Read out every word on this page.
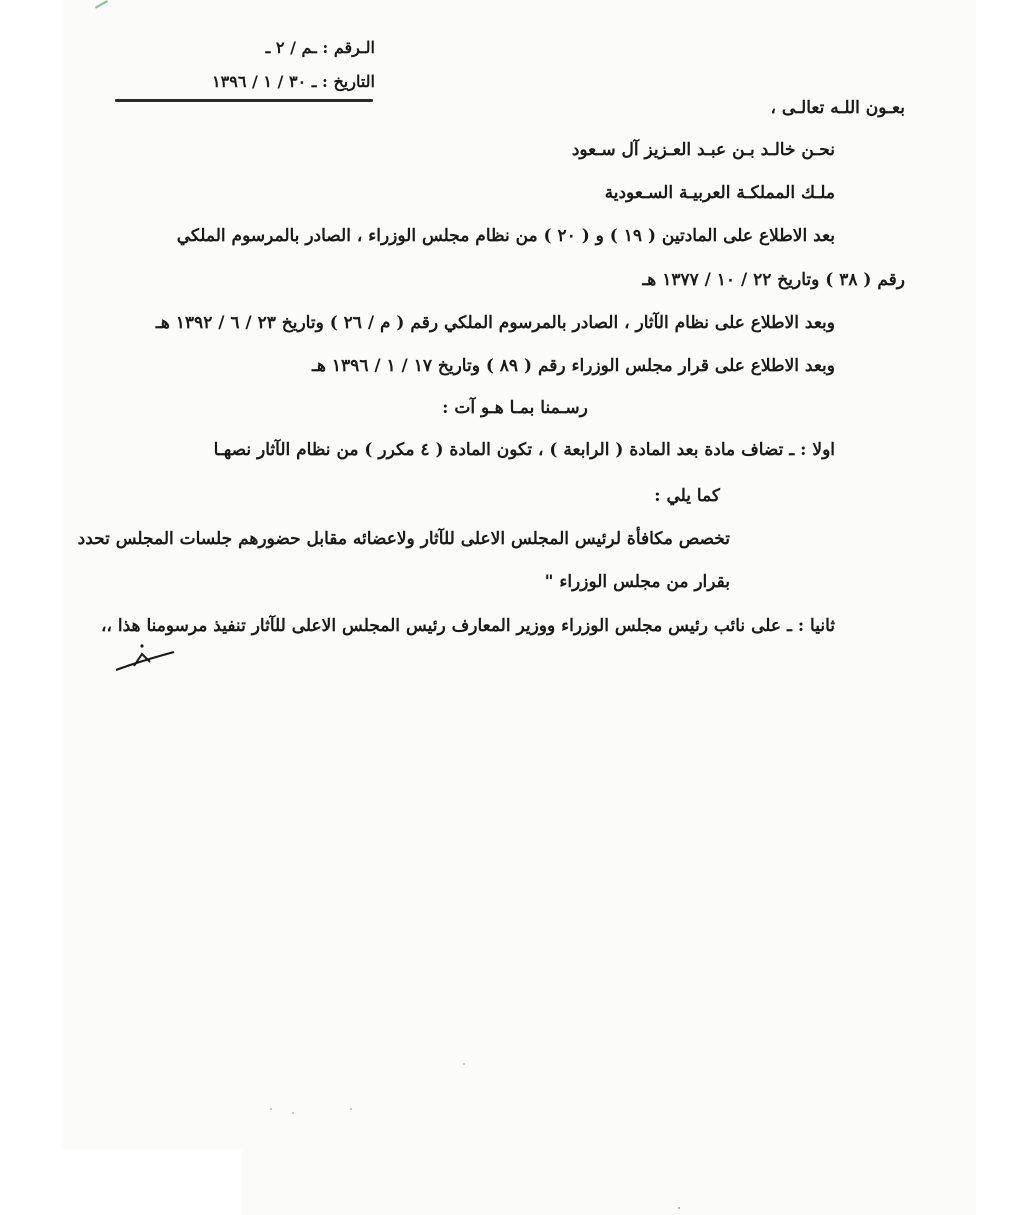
الـرقم : ـم / ٢ ـ
التاريخ : ـ ٣٠ / ١ / ١٣٩٦
بعـون اللـه تعالـى ،
نحـن خالـد بـن عبـد العـزيز آل سـعود
ملـك المملكـة العربيـة السـعودية
بعد الاطلاع على المادتين ( ١٩ ) و ( ٢٠ ) من نظام مجلس الوزراء ، الصادر بالمرسوم الملكي
رقم ( ٣٨ ) وتاريخ ٢٢ / ١٠ / ١٣٧٧ هـ
وبعد الاطلاع على نظام الآثار ، الصادر بالمرسوم الملكي رقم ( م / ٢٦ ) وتاريخ ٢٣ / ٦ / ١٣٩٢ هـ
وبعد الاطلاع على قرار مجلس الوزراء رقم ( ٨٩ ) وتاريخ ١٧ / ١ / ١٣٩٦ هـ
رسـمنا بمـا هـو آت :
اولا : ـ تضاف مادة بعد المادة ( الرابعة ) ، تكون المادة ( ٤ مكرر ) من نظام الآثار نصهـا
كما يلي :
تخصص مكافأة لرئيس المجلس الاعلى للآثار ولاعضائه مقابل حضورهم جلسات المجلس تحدد
بقرار من مجلس الوزراء "
ثانيا : ـ على نائب رئيس مجلس الوزراء ووزير المعارف رئيس المجلس الاعلى للآثار تنفيذ مرسومنا هذا ،،
